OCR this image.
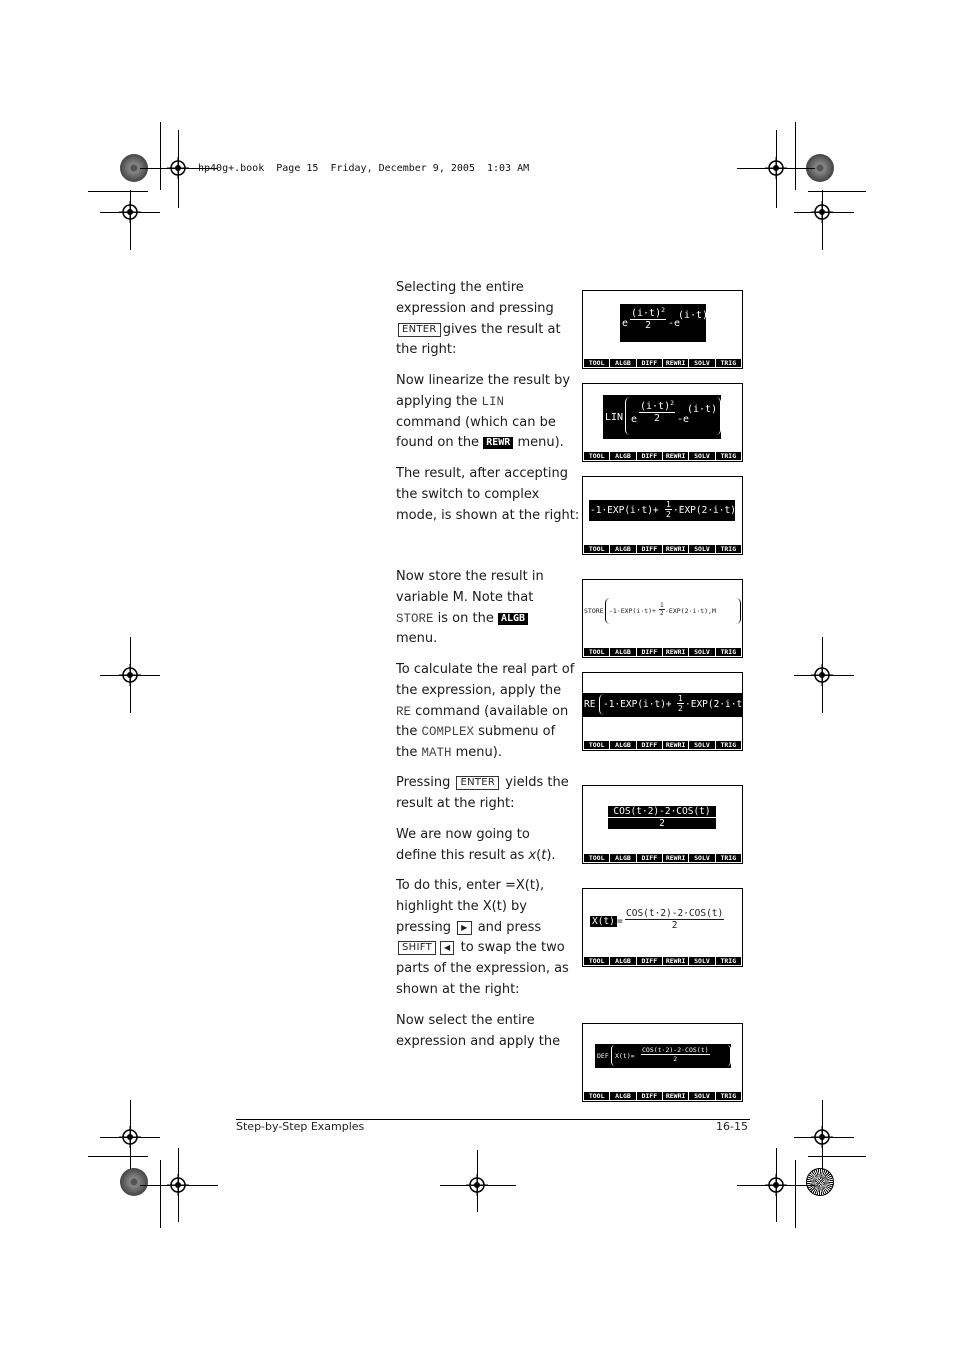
hp40g+.book  Page 15  Friday, December 9, 2005  1:03 AM
Selecting the entire
expression and pressing
ENTER gives the result at
the right:
Now linearize the result by
applying the LIN
command (which can be
found on the REWR menu).
The result, after accepting
the switch to complex
mode, is shown at the right:
Now store the result in
variable M. Note that
STORE is on the ALGB
menu.
To calculate the real part of
the expression, apply the
RE command (available on
the COMPLEX submenu of
the MATH menu).
Pressing ENTER yields the
result at the right:
We are now going to
define this result as x(t).
To do this, enter =X(t),
highlight the X(t) by
pressing ▶ and press
SHIFT ◀ to swap the two
parts of the expression, as
shown at the right:
Now select the entire
expression and apply the
e $\frac{(i\cdot t)^2}{2} -e$
(i·t)
TOOL	ALGB	DIFF	REWRI	SOLV	TRIG
LIN e $\frac{(i\cdot t)^2}{2} -e$
(i·t)
TOOL	ALGB	DIFF	REWRI	SOLV	TRIG
$-1\cdot EXP(i\cdot t)+ \frac{1}{2} \cdot EXP(2\cdot i\cdot t)$
TOOL	ALGB	DIFF	REWRI	SOLV	TRIG
STORE $-1\cdot EXP(i\cdot t)+ \frac{1}{2} \cdot EXP(2\cdot i\cdot t),M$
TOOL	ALGB	DIFF	REWRI	SOLV	TRIG
RE $-1\cdot EXP(i\cdot t)+ \frac{1}{2} \cdot EXP(2\cdot i\cdot t$
TOOL	ALGB	DIFF	REWRI	SOLV	TRIG
COS(t·2)-2·COS(t)
2
TOOL	ALGB	DIFF	REWRI	SOLV	TRIG
X(t) =
COS(t·2)-2·COS(t)
2
TOOL	ALGB	DIFF	REWRI	SOLV	TRIG
DEF X(t)=
COS(t·2)-2·COS(t)
2
TOOL	ALGB	DIFF	REWRI	SOLV	TRIG
Step-by-Step Examples	16-15
